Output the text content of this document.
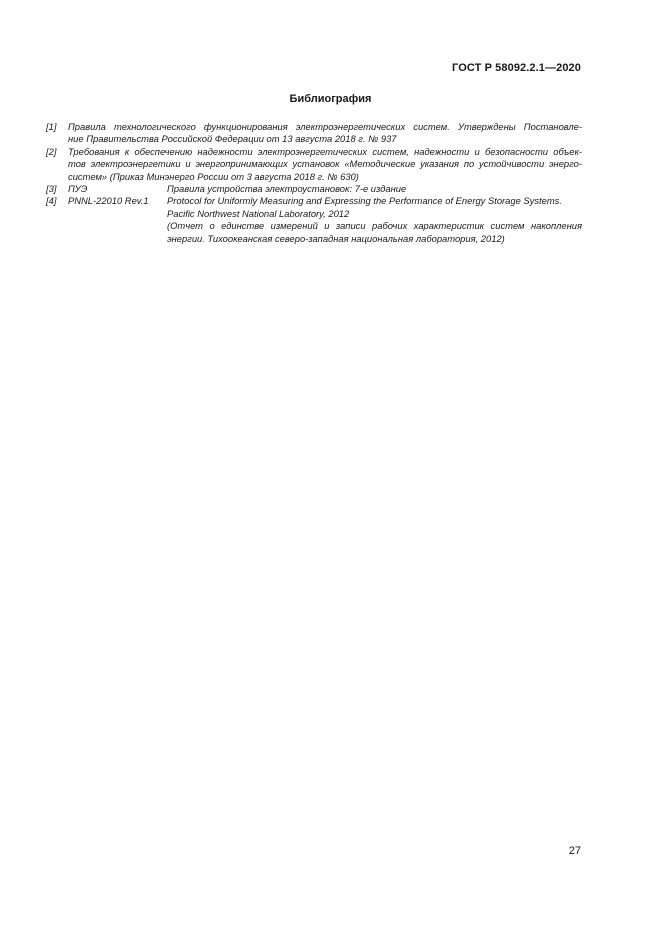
ГОСТ Р 58092.2.1—2020
Библиография
[1]	Правила технологического функционирования электроэнергетических систем. Утверждены Постановле-
ние Правительства Российской Федерации от 13 августа 2018 г. № 937
[2]	Требования к обеспечению надежности электроэнергетических систем, надежности и безопасности объек-
тов электроэнергетики и энергопринимающих установок «Методические указания по устойчивости энерго-
систем» (Приказ Минэнерго России от 3 августа 2018 г. № 630)
[3]	ПУЭ	Правила устройства электроустановок: 7-е издание
[4]	PNNL-22010 Rev.1	Protocol for Uniformly Measuring and Expressing the Performance of Energy Storage Systems.
Pacific Northwest National Laboratory, 2012
(Отчет о единстве измерений и записи рабочих характеристик систем накопления
энергии. Тихоокеанская северо-западная национальная лаборатория, 2012)
27
